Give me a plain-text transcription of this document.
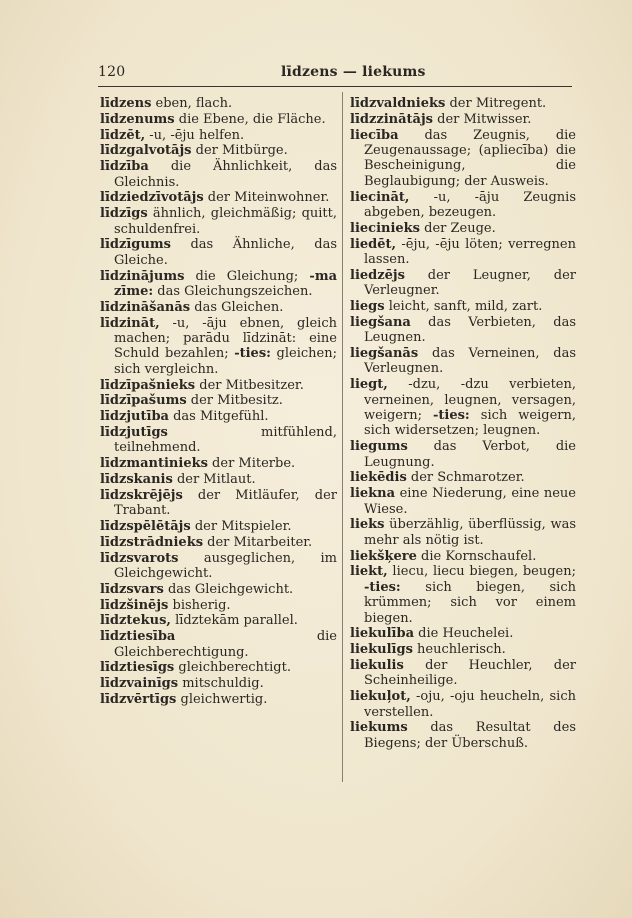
120	līdzens — liekums

līdzens eben, flach.

līdzenums die Ebene, die Fläche.

līdzēt, -u, -ēju helfen.

līdzgalvotājs der Mitbürge.

līdzība die Ähnlichkeit, das Gleichnis.

līdziedzīvotājs der Miteinwohner.

līdzīgs ähnlich, gleichmäßig; quitt, schuldenfrei.

līdzīgums das Ähnliche, das Gleiche.

līdzinājums die Gleichung; -ma zīme: das Gleichungszeichen.

līdzināšanās das Gleichen.

līdzināt, -u, -āju ebnen, gleich machen; parādu līdzināt: eine Schuld bezahlen; -ties: gleichen; sich vergleichn.

līdzīpašnieks der Mitbesitzer.

līdzīpašums der Mitbesitz.

līdzjutība das Mitgefühl.

līdzjutīgs mitfühlend, teilnehmend.

līdzmantinieks der Miterbe.

līdzskanis der Mitlaut.

līdzskrējējs der Mitläufer, der Trabant.

līdzspēlētājs der Mitspieler.

līdzstrādnieks der Mitarbeiter.

līdzsvarots ausgeglichen, im Gleichgewicht.

līdzsvars das Gleichgewicht.

līdzšinējs bisherig.

līdztekus, līdztekām parallel.

līdztiesība die Gleichberechtigung.

līdztiesīgs gleichberechtigt.

līdzvainīgs mitschuldig.

līdzvērtīgs gleichwertig.

līdzvaldnieks der Mitregent.

līdzzinātājs der Mitwisser.

liecība das Zeugnis, die Zeugenaussage; (apliecība) die Bescheinigung, die Beglaubigung; der Ausweis.

liecināt, -u, -āju Zeugnis abgeben, bezeugen.

liecinieks der Zeuge.

liedēt, -ēju, -ēju löten; verregnen lassen.

liedzējs der Leugner, der Verleugner.

liegs leicht, sanft, mild, zart.

liegšana das Verbieten, das Leugnen.

liegšanās das Verneinen, das Verleugnen.

liegt, -dzu, -dzu verbieten, verneinen, leugnen, versagen, weigern; -ties: sich weigern, sich widersetzen; leugnen.

liegums das Verbot, die Leugnung.

liekēdis der Schmarotzer.

liekna eine Niederung, eine neue Wiese.

lieks überzählig, überflüssig, was mehr als nötig ist.

liekšķere die Kornschaufel.

liekt, liecu, liecu biegen, beugen; -ties: sich biegen, sich krümmen; sich vor einem biegen.

liekulība die Heuchelei.

liekulīgs heuchlerisch.

liekulis der Heuchler, der Scheinheilige.

liekuļot, -oju, -oju heucheln, sich verstellen.

liekums das Resultat des Biegens; der Überschuß.
